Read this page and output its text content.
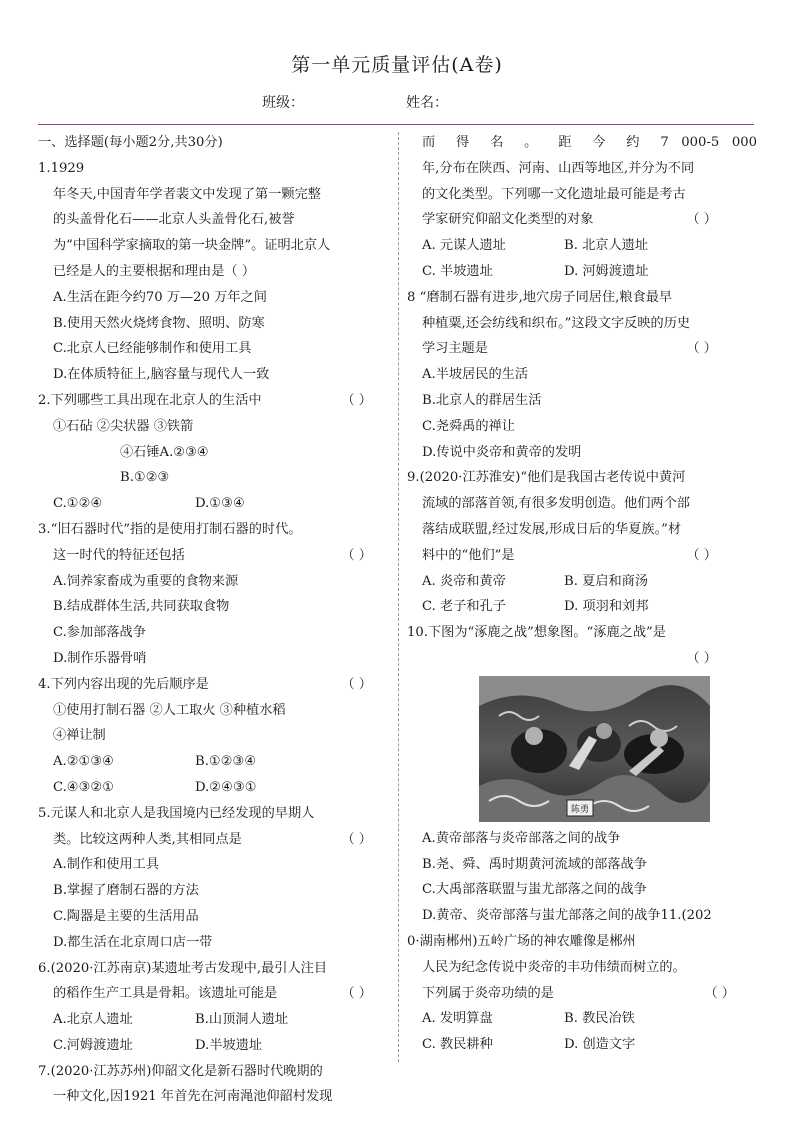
第一单元质量评估(A卷)
班级：	姓名：
一、选择题(每小题2分,共30分)
1.1929
年冬天,中国青年学者裴文中发现了第一颗完整
的头盖骨化石——北京人头盖骨化石,被誉
为“中国科学家摘取的第一块金牌”。证明北京人
已经是人的主要根据和理由是（ ）
A.生活在距今约70 万—20 万年之间
B.使用天然火烧烤食物、照明、防寒
C.北京人已经能够制作和使用工具
D.在体质特征上,脑容量与现代人一致
2.下列哪些工具出现在北京人的生活中	（ ）
①石砧 ②尖状器 ③铁箭
④石锤A.②③④
B.①②③
C.①②④	D.①③④
3.“旧石器时代”指的是使用打制石器的时代。
这一时代的特征还包括	（ ）
A.饲养家畜成为重要的食物来源
B.结成群体生活,共同获取食物
C.参加部落战争
D.制作乐器骨哨
4.下列内容出现的先后顺序是	（ ）
①使用打制石器 ②人工取火 ③种植水稻
④禅让制
A.②①③④	B.①②③④
C.④③②①	D.②④③①
5.元谋人和北京人是我国境内已经发现的早期人
类。比较这两种人类,其相同点是	（ ）
A.制作和使用工具
B.掌握了磨制石器的方法
C.陶器是主要的生活用品
D.都生活在北京周口店一带
6.(2020·江苏南京)某遗址考古发现中,最引人注目
的稻作生产工具是骨耜。该遗址可能是	（ ）
A.北京人遗址	B.山顶洞人遗址
C.河姆渡遗址	D.半坡遗址
7.(2020·江苏苏州)仰韶文化是新石器时代晚期的
一种文化,因1921 年首先在河南渑池仰韶村发现
而 得 名 。 距 今 约 7 000-5 000
年,分布在陕西、河南、山西等地区,并分为不同
的文化类型。下列哪一文化遗址最可能是考古
学家研究仰韶文化类型的对象	（ ）
A. 元谋人遗址	B. 北京人遗址
C. 半坡遗址	D. 河姆渡遗址
8 “磨制石器有进步,地穴房子同居住,粮食最早
种植粟,还会纺线和织布。”这段文字反映的历史
学习主题是	（ ）
A.半坡居民的生活
B.北京人的群居生活
C.尧舜禹的禅让
D.传说中炎帝和黄帝的发明
9.(2020·江苏淮安)“他们是我国古老传说中黄河
流域的部落首领,有很多发明创造。他们两个部
落结成联盟,经过发展,形成日后的华夏族。”材
料中的“他们”是	（ ）
A. 炎帝和黄帝	B. 夏启和商汤
C. 老子和孔子	D. 项羽和刘邦
10.下图为“涿鹿之战”想象图。“涿鹿之战”是
（ ）
陈勇
A.黄帝部落与炎帝部落之间的战争
B.尧、舜、禹时期黄河流域的部落战争
C.大禹部落联盟与蚩尤部落之间的战争
D.黄帝、炎帝部落与蚩尤部落之间的战争11.(202
0·湖南郴州)五岭广场的神农雕像是郴州
人民为纪念传说中炎帝的丰功伟绩而树立的。
下列属于炎帝功绩的是	（ ）
A. 发明算盘	B. 教民冶铁
C. 教民耕种	D. 创造文字
